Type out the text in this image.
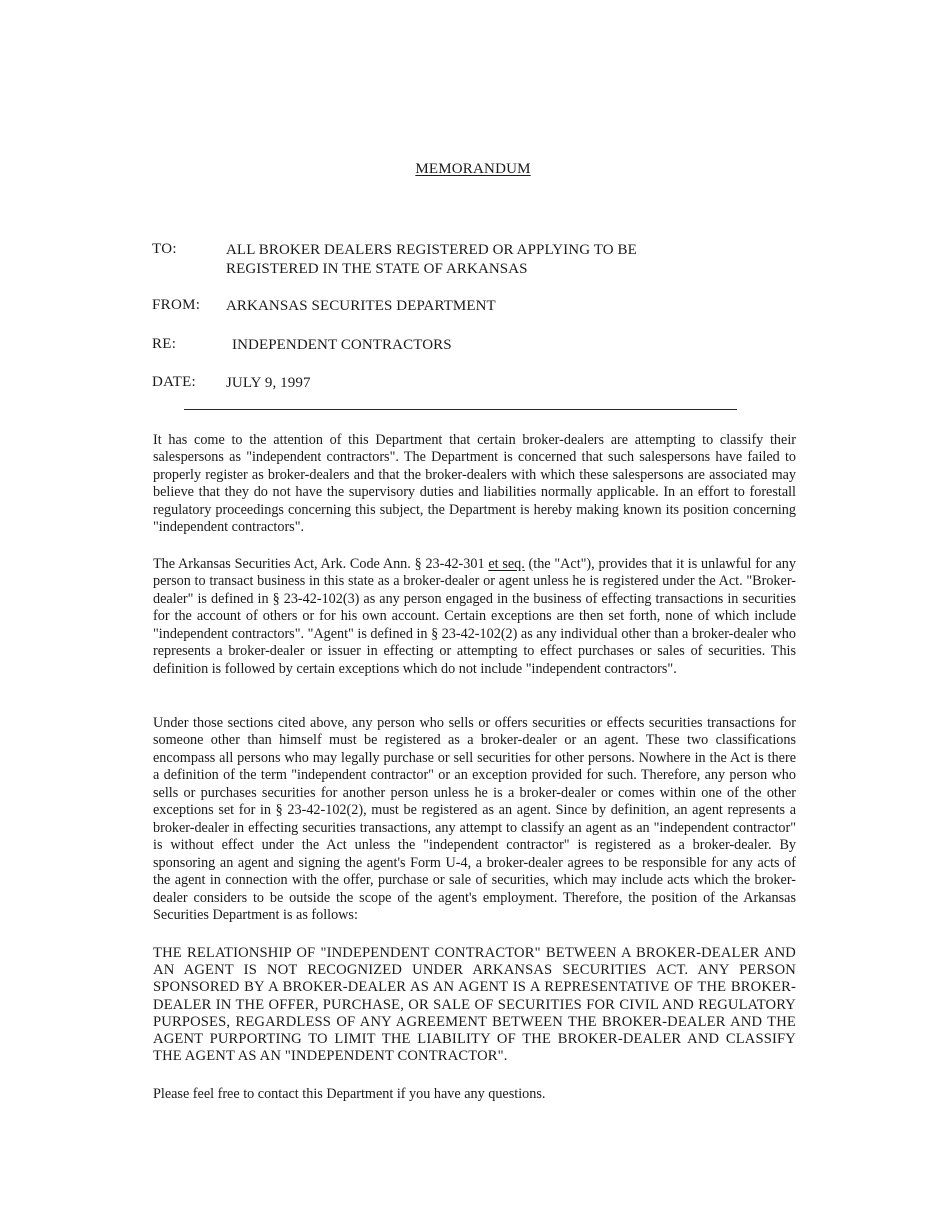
MEMORANDUM
TO:	ALL BROKER DEALERS REGISTERED OR APPLYING TO BE
REGISTERED IN THE STATE OF ARKANSAS
FROM: ARKANSAS SECURITES DEPARTMENT
RE:	INDEPENDENT CONTRACTORS
DATE: JULY 9, 1997

It has come to the attention of this Department that certain broker-dealers are attempting to classify their salespersons as "independent contractors". The Department is concerned that such salespersons have failed to properly register as broker-dealers and that the broker-dealers with which these salespersons are associated may believe that they do not have the supervisory duties and liabilities normally applicable. In an effort to forestall regulatory proceedings concerning this subject, the Department is hereby making known its position concerning "independent contractors".

The Arkansas Securities Act, Ark. Code Ann. § 23-42-301 et seq. (the "Act"), provides that it is unlawful for any person to transact business in this state as a broker-dealer or agent unless he is registered under the Act. "Broker-dealer" is defined in § 23-42-102(3) as any person engaged in the business of effecting transactions in securities for the account of others or for his own account. Certain exceptions are then set forth, none of which include "independent contractors". "Agent" is defined in § 23-42-102(2) as any individual other than a broker-dealer who represents a broker-dealer or issuer in effecting or attempting to effect purchases or sales of securities. This definition is followed by certain exceptions which do not include "independent contractors".

Under those sections cited above, any person who sells or offers securities or effects securities transactions for someone other than himself must be registered as a broker-dealer or an agent. These two classifications encompass all persons who may legally purchase or sell securities for other persons. Nowhere in the Act is there a definition of the term "independent contractor" or an exception provided for such. Therefore, any person who sells or purchases securities for another person unless he is a broker-dealer or comes within one of the other exceptions set for in § 23-42-102(2), must be registered as an agent. Since by definition, an agent represents a broker-dealer in effecting securities transactions, any attempt to classify an agent as an "independent contractor" is without effect under the Act unless the "independent contractor" is registered as a broker-dealer. By sponsoring an agent and signing the agent's Form U-4, a broker-dealer agrees to be responsible for any acts of the agent in connection with the offer, purchase or sale of securities, which may include acts which the broker-dealer considers to be outside the scope of the agent's employment. Therefore, the position of the Arkansas Securities Department is as follows:

THE RELATIONSHIP OF "INDEPENDENT CONTRACTOR" BETWEEN A BROKER-DEALER AND AN AGENT IS NOT RECOGNIZED UNDER ARKANSAS SECURITIES ACT. ANY PERSON SPONSORED BY A BROKER-DEALER AS AN AGENT IS A REPRESENTATIVE OF THE BROKER-DEALER IN THE OFFER, PURCHASE, OR SALE OF SECURITIES FOR CIVIL AND REGULATORY PURPOSES, REGARDLESS OF ANY AGREEMENT BETWEEN THE BROKER-DEALER AND THE AGENT PURPORTING TO LIMIT THE LIABILITY OF THE BROKER-DEALER AND CLASSIFY THE AGENT AS AN "INDEPENDENT CONTRACTOR".

Please feel free to contact this Department if you have any questions.
